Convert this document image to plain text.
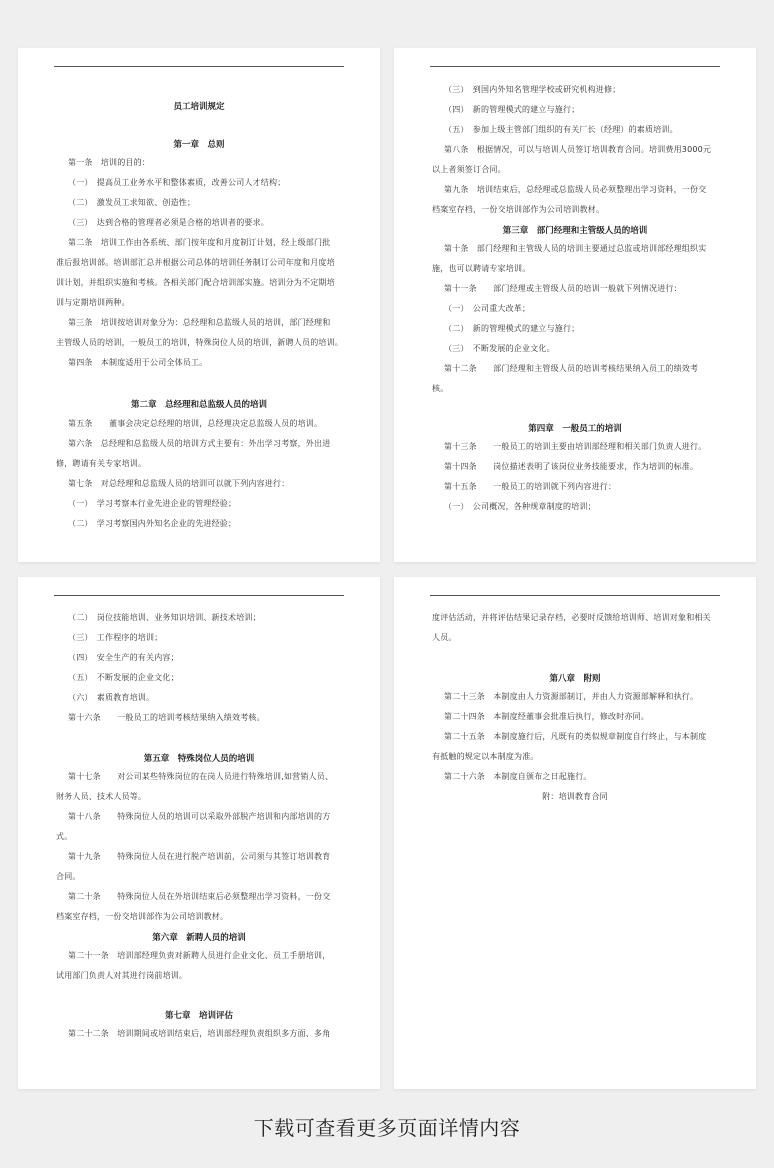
员工培训规定
第一章　总则
第一条　培训的目的：
（一）　提高员工业务水平和整体素质，改善公司人才结构；
（二）　激发员工求知欲、创造性；
（三）　达到合格的管理者必须是合格的培训者的要求。
第二条　培训工作由各系统、部门按年度和月度制订计划，经上级部门批
准后报培训部。培训部汇总并根据公司总体的培训任务制订公司年度和月度培
训计划，并组织实施和考核。各相关部门配合培训部实施。培训分为不定期培
训与定期培训两种。
第三条　培训按培训对象分为：总经理和总监级人员的培训，部门经理和
主管级人员的培训，一般员工的培训，特殊岗位人员的培训，新聘人员的培训。
第四条　本制度适用于公司全体员工。
第二章　总经理和总监级人员的培训
第五条　　董事会决定总经理的培训，总经理决定总监级人员的培训。
第六条　总经理和总监级人员的培训方式主要有：外出学习考察，外出进
修，聘请有关专家培训。
第七条　对总经理和总监级人员的培训可以就下列内容进行：
（一）　学习考察本行业先进企业的管理经验；
（二）　学习考察国内外知名企业的先进经验；
（三）　到国内外知名管理学校或研究机构进修；
（四）　新的管理模式的建立与施行；
（五）　参加上级主管部门组织的有关厂长（经理）的素质培训。
第八条　根据情况，可以与培训人员签订培训教育合同。培训费用3000元
以上者须签订合同。
第九条　培训结束后，总经理或总监级人员必须整理出学习资料，一份交
档案室存档，一份交培训部作为公司培训教材。
第三章　部门经理和主管级人员的培训
第十条　部门经理和主管级人员的培训主要通过总监或培训部经理组织实
施，也可以聘请专家培训。
第十一条　　部门经理或主管级人员的培训一般就下列情况进行：
（一）　公司重大改革；
（二）　新的管理模式的建立与施行；
（三）　不断发展的企业文化。
第十二条　　部门经理和主管级人员的培训考核结果纳入员工的绩效考
核。
第四章　一般员工的培训
第十三条　　一般员工的培训主要由培训部经理和相关部门负责人进行。
第十四条　　岗位描述表明了该岗位业务技能要求，作为培训的标准。
第十五条　　一般员工的培训就下列内容进行：
（一）　公司概况，各种规章制度的培训；
（二）　岗位技能培训、业务知识培训、新技术培训；
（三）　工作程序的培训；
（四）　安全生产的有关内容；
（五）　不断发展的企业文化；
（六）　素质教育培训。
第十六条　　一般员工的培训考核结果纳入绩效考核。
第五章　特殊岗位人员的培训
第十七条　　对公司某些特殊岗位的在岗人员进行特殊培训,如营销人员、
财务人员、技术人员等。
第十八条　　特殊岗位人员的培训可以采取外部脱产培训和内部培训的方
式。
第十九条　　特殊岗位人员在进行脱产培训前，公司须与其签订培训教育
合同。
第二十条　　特殊岗位人员在外培训结束后必须整理出学习资料，一份交
档案室存档，一份交培训部作为公司培训教材。
第六章　新聘人员的培训
第二十一条　培训部经理负责对新聘人员进行企业文化、员工手册培训，
试用部门负责人对其进行岗前培训。
第七章　培训评估
第二十二条　培训期间或培训结束后，培训部经理负责组织多方面、多角
度评估活动，并将评估结果记录存档，必要时反馈给培训师、培训对象和相关
人员。
第八章　附则
第二十三条　本制度由人力资源部制订，并由人力资源部解释和执行。
第二十四条　本制度经董事会批准后执行，修改时亦同。
第二十五条　本制度施行后，凡既有的类似规章制度自行终止，与本制度
有抵触的规定以本制度为准。
第二十六条　本制度自颁布之日起施行。
附：培训教育合同
下载可查看更多页面详情内容
